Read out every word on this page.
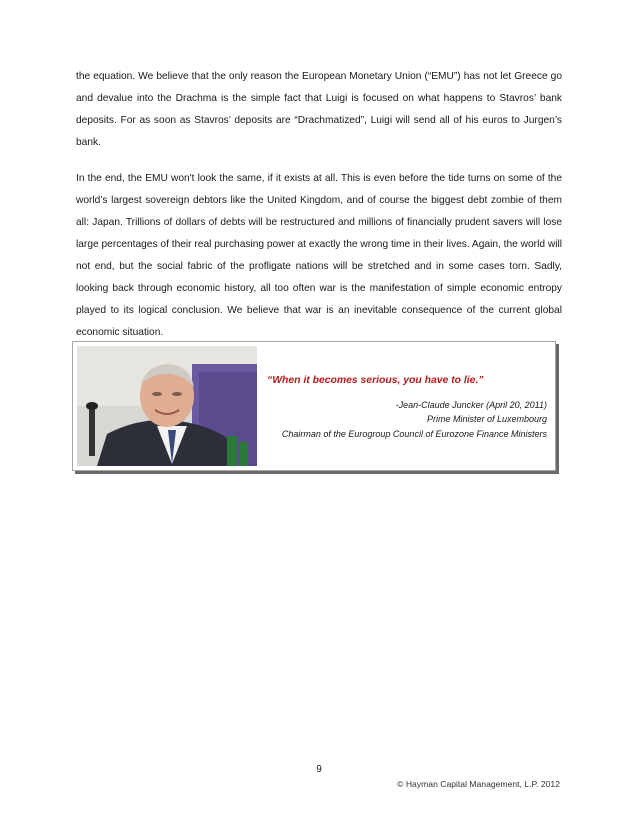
the equation. We believe that the only reason the European Monetary Union (“EMU”) has not let Greece go and devalue into the Drachma is the simple fact that Luigi is focused on what happens to Stavros’ bank deposits. For as soon as Stavros’ deposits are “Drachmatized”, Luigi will send all of his euros to Jurgen’s bank.

In the end, the EMU won't look the same, if it exists at all. This is even before the tide turns on some of the world’s largest sovereign debtors like the United Kingdom, and of course the biggest debt zombie of them all: Japan. Trillions of dollars of debts will be restructured and millions of financially prudent savers will lose large percentages of their real purchasing power at exactly the wrong time in their lives. Again, the world will not end, but the social fabric of the profligate nations will be stretched and in some cases torn. Sadly, looking back through economic history, all too often war is the manifestation of simple economic entropy played to its logical conclusion. We believe that war is an inevitable consequence of the current global economic situation.

“When it becomes serious, you have to lie.”
-Jean-Claude Juncker (April 20, 2011)
Prime Minister of Luxembourg
Chairman of the Eurogroup Council of Eurozone Finance Ministers
9
© Hayman Capital Management, L.P. 2012
